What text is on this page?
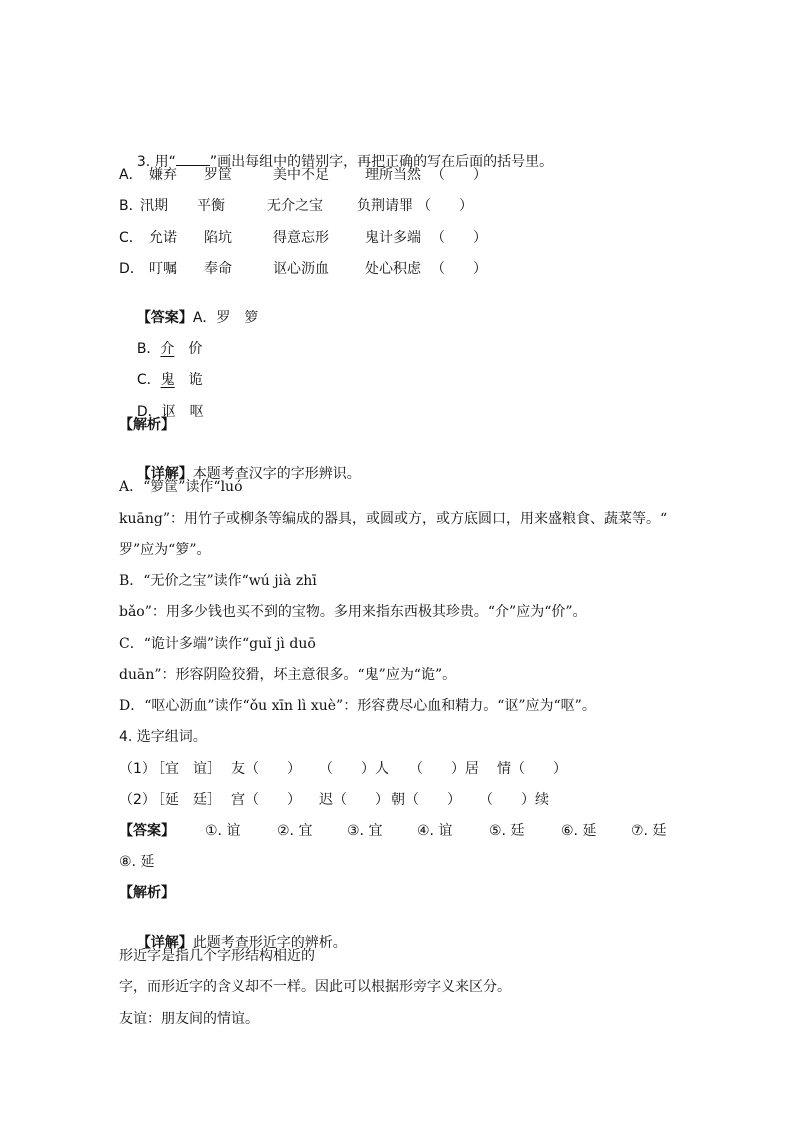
3. 用“ ”画出每组中的错别字，再把正确的写在后面的括号里。

A．

嫌弃

罗筐

	美中不足

	理所当然

（　　）

B．

汛期

平衡

	无介之宝

负荆请罪

（　　）

C．

允诺

陷坑

	得意忘形

	鬼计多端

（　　）

D．

叮嘱

奉命

	讴心沥血

	处心积虑

（　　）

【答案】A．罗　 箩

B．介　 价

C．鬼　 诡

D．讴　 呕

【解析】

【详解】本题考查汉字的字形辨识。

A．“箩筐”读作“luó
kuāng”：用竹子或柳条等编成的器具，或圆或方，或方底圆口，用来盛粮食、蔬菜等。“
罗”应为“箩”。
B．“无价之宝”读作“wú jià zhī
bǎo”：用多少钱也买不到的宝物。多用来指东西极其珍贵。“介”应为“价”。
C．“诡计多端”读作“guǐ jì duō
duān”：形容阴险狡猾，坏主意很多。“鬼”应为“诡”。
D．“呕心沥血”读作“ǒu xīn lì xuè”：形容费尽心血和精力。“讴”应为“呕”。
4. 选字组词。

（1）

［宜　谊］

友（　　）

（　　）人

（　　）居

情（　　）

（2）

［延　廷］

宫（　　）

迟（　　）

朝（　　）

（　　）续

【答案】

①. 谊

	②. 宜

③. 宜

④. 谊

	⑤. 廷

	⑥. 延

⑦. 廷

⑧. 延
【解析】

【详解】此题考查形近字的辨析。

形近字是指几个字形结构相近的
字，而形近字的含义却不一样。因此可以根据形旁字义来区分。
友谊：朋友间的情谊。
